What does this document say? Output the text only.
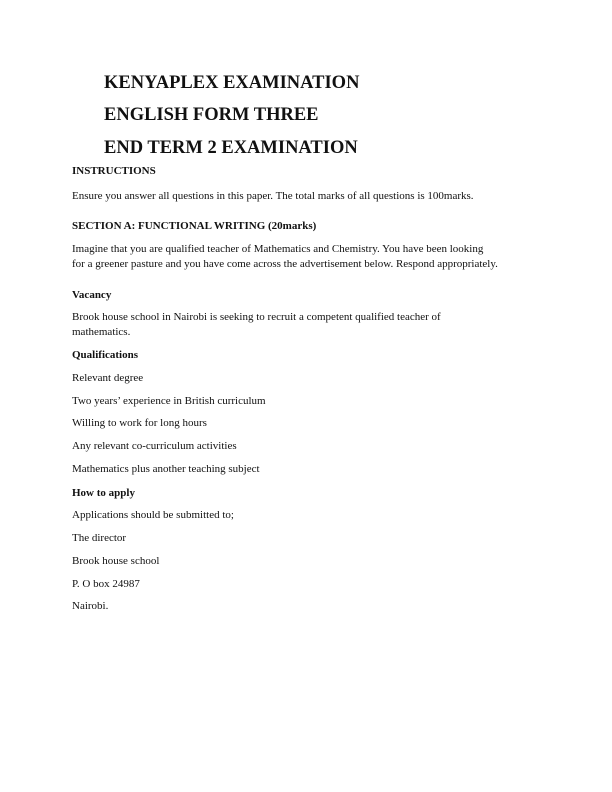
KENYAPLEX EXAMINATION
ENGLISH FORM THREE
END TERM 2 EXAMINATION
INSTRUCTIONS
Ensure you answer all questions in this paper. The total marks of all questions is 100marks.
SECTION A: FUNCTIONAL WRITING (20marks)
Imagine that you are qualified teacher of Mathematics and Chemistry. You have been looking
for a greener pasture and you have come across the advertisement below. Respond appropriately.
Vacancy
Brook house school in Nairobi is seeking to recruit a competent qualified teacher of
mathematics.
Qualifications
Relevant degree
Two years’ experience in British curriculum
Willing to work for long hours
Any relevant co-curriculum activities
Mathematics plus another teaching subject
How to apply
Applications should be submitted to;
The director
Brook house school
P. O box 24987
Nairobi.
